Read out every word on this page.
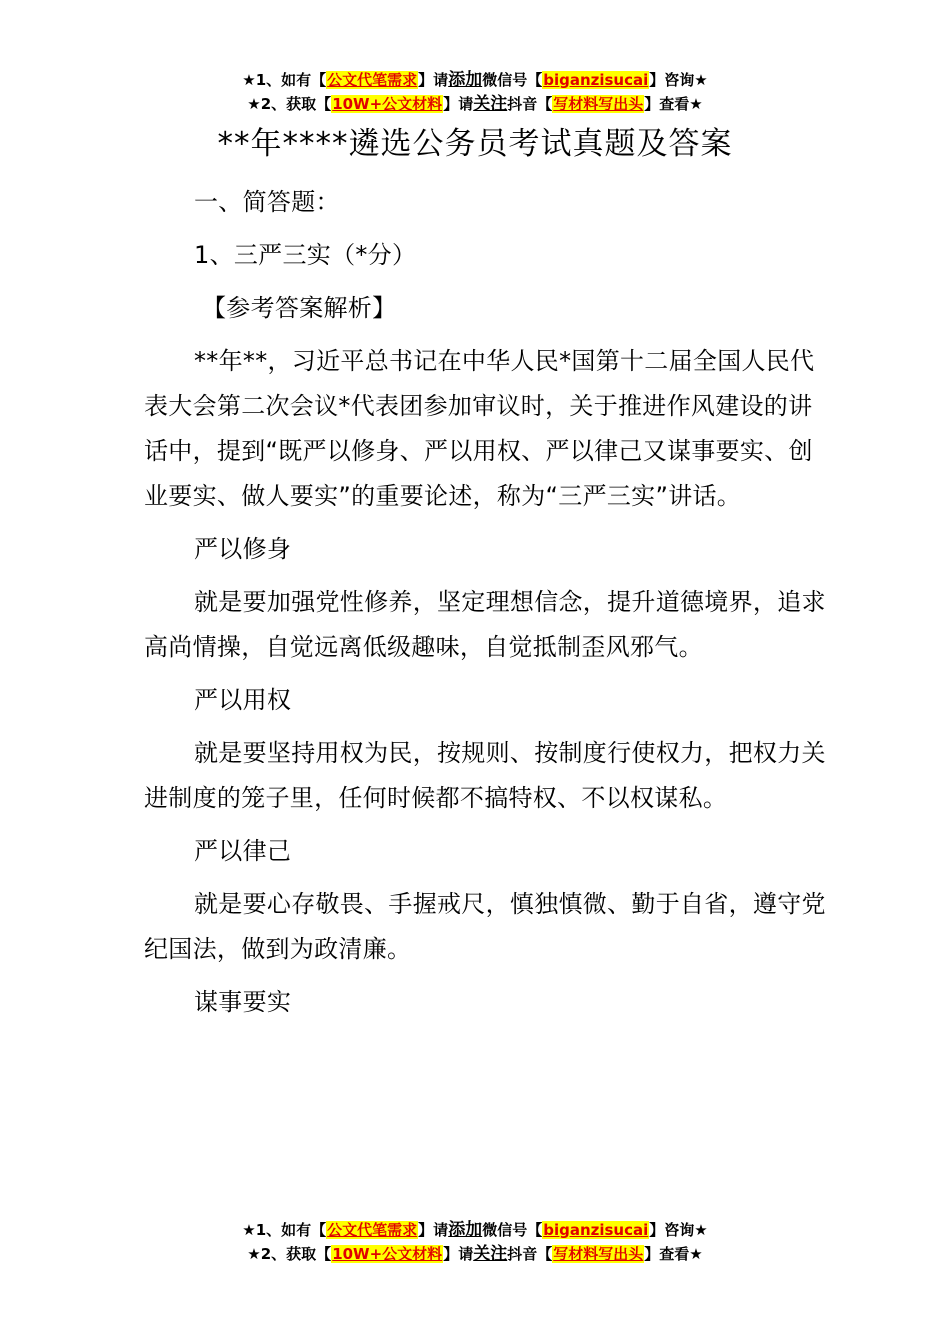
★1、如有【公文代笔需求】请添加微信号【biganzisucai】咨询★
★2、获取【10W+公文材料】请关注抖音【写材料写出头】查看★
**年****遴选公务员考试真题及答案

一、简答题：

1、三严三实（*分）

【参考答案解析】

**年**，习近平总书记在中华人民*国第十二届全国人民代表大会第二次会议*代表团参加审议时，关于推进作风建设的讲话中，提到“既严以修身、严以用权、严以律己又谋事要实、创业要实、做人要实”的重要论述，称为“三严三实”讲话。

严以修身

就是要加强党性修养，坚定理想信念，提升道德境界，追求高尚情操，自觉远离低级趣味，自觉抵制歪风邪气。

严以用权

就是要坚持用权为民，按规则、按制度行使权力，把权力关进制度的笼子里，任何时候都不搞特权、不以权谋私。

严以律己

就是要心存敬畏、手握戒尺，慎独慎微、勤于自省，遵守党纪国法，做到为政清廉。

谋事要实

★1、如有【公文代笔需求】请添加微信号【biganzisucai】咨询★
★2、获取【10W+公文材料】请关注抖音【写材料写出头】查看★
